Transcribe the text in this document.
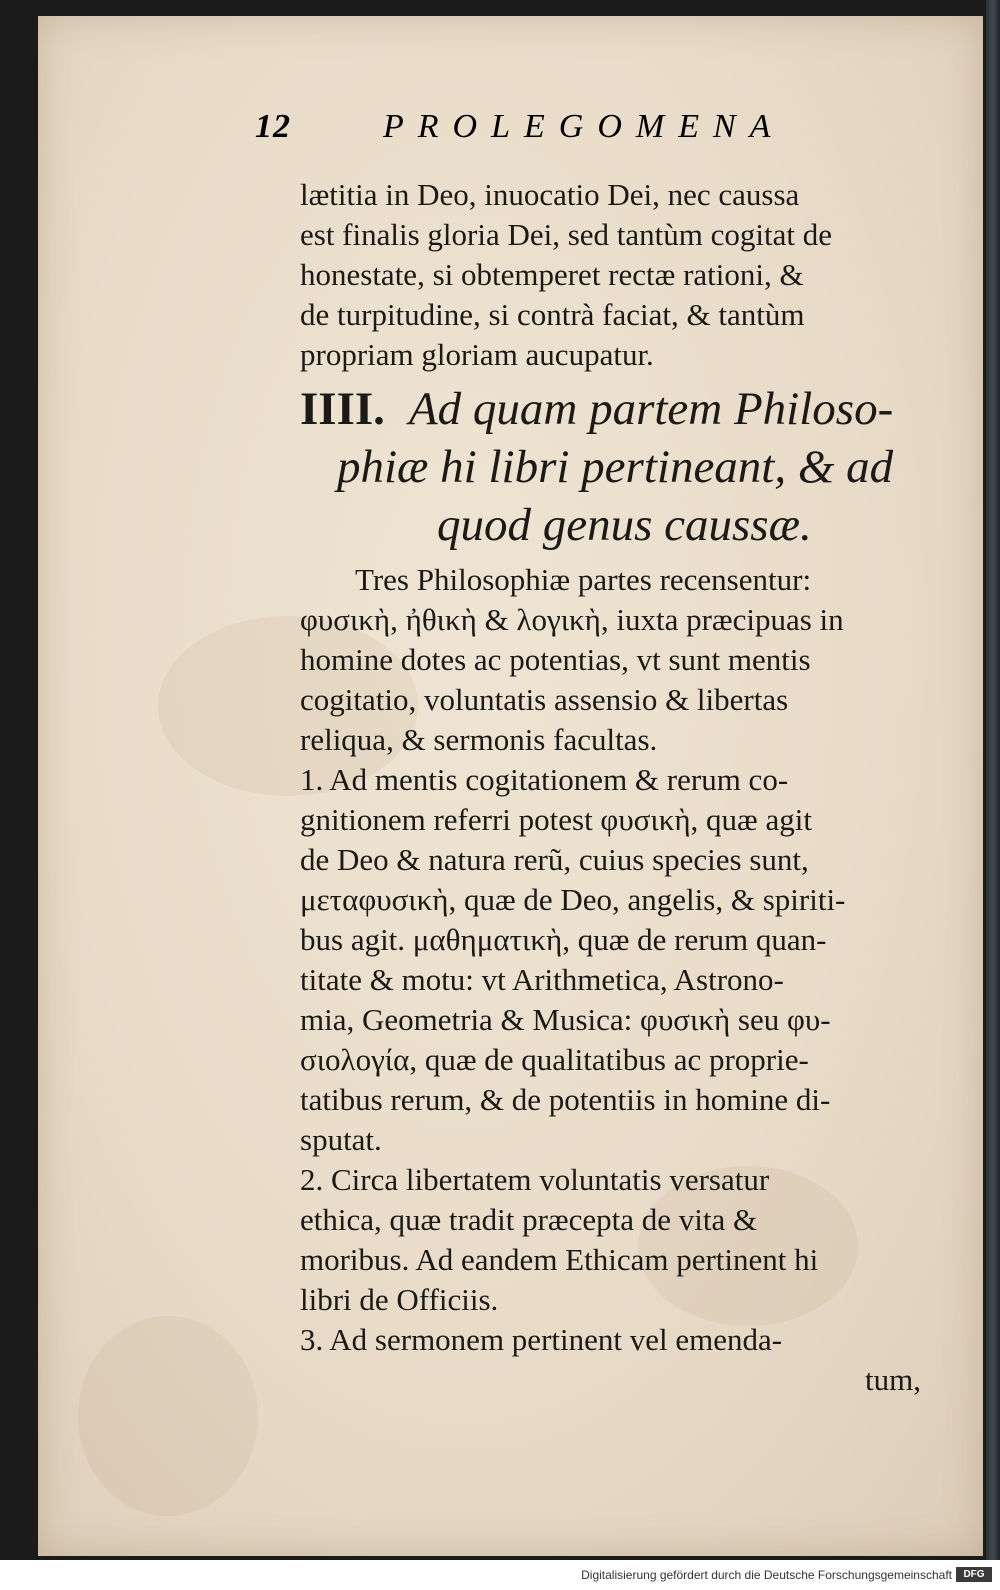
12	PROLEGOMENA
lætitia in Deo, inuocatio Dei, nec caussa
est finalis gloria Dei, sed tantùm cogitat de
honestate, si obtemperet rectæ rationi, &
de turpitudine, si contrà faciat, & tantùm
propriam gloriam aucupatur.
IIII. Ad quam partem Philoso-
phiæ hi libri pertineant, & ad
quod genus caussæ.
Tres Philosophiæ partes recensentur:
φυσικὴ, ἠθικὴ & λογικὴ, iuxta præcipuas in
homine dotes ac potentias, vt sunt mentis
cogitatio, voluntatis assensio & libertas
reliqua, & sermonis facultas.
1. Ad mentis cogitationem & rerum co-
gnitionem referri potest φυσικὴ, quæ agit
de Deo & natura rerũ, cuius species sunt,
μεταφυσικὴ, quæ de Deo, angelis, & spiriti-
bus agit. μαθηματικὴ, quæ de rerum quan-
titate & motu: vt Arithmetica, Astrono-
mia, Geometria & Musica: φυσικὴ seu φυ-
σιολογία, quæ de qualitatibus ac proprie-
tatibus rerum, & de potentiis in homine di-
sputat.
2. Circa libertatem voluntatis versatur
ethica, quæ tradit præcepta de vita &
moribus. Ad eandem Ethicam pertinent hi
libri de Officiis.
3. Ad sermonem pertinent vel emenda-
tum,
Digitalisierung gefördert durch die Deutsche Forschungsgemeinschaft	DFG
